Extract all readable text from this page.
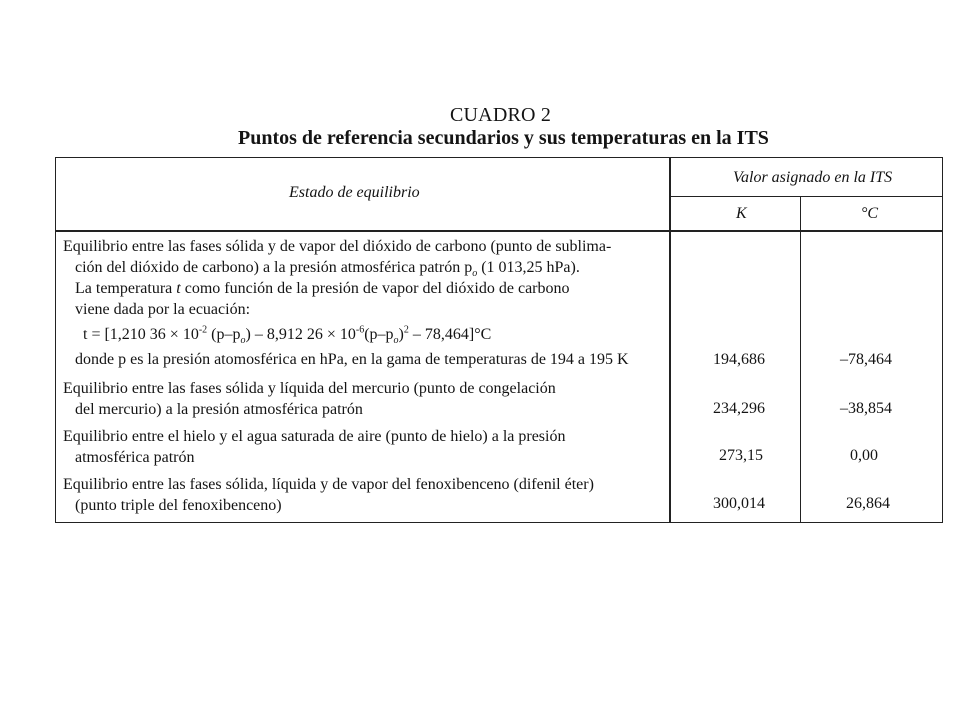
CUADRO 2
Puntos de referencia secundarios y sus temperaturas en la ITS
Estado de equilibrio
Valor asignado en la ITS
K	°C
Equilibrio entre las fases sólida y de vapor del dióxido de carbono (punto de sublima-
ción del dióxido de carbono) a la presión atmosférica patrón $p_o$ (1 013,25 hPa).
La temperatura t como función de la presión de vapor del dióxido de carbono
viene dada por la ecuación:
t = [1,210 $36 \times 10^{-2}$ $(p-p_o) - 8,912$ $26 \times 10^{-6}(p-p_o)^2 - 78,464]^\circ C$
donde p es la presión atomosférica en hPa, en la gama de temperaturas de 194 a 195 K	194,686	–78,464
Equilibrio entre las fases sólida y líquida del mercurio (punto de congelación
del mercurio) a la presión atmosférica patrón	234,296	–38,854
Equilibrio entre el hielo y el agua saturada de aire (punto de hielo) a la presión
atmosférica patrón	273,15	0,00
Equilibrio entre las fases sólida, líquida y de vapor del fenoxibenceno (difenil éter)
(punto triple del fenoxibenceno)	300,014	26,864
